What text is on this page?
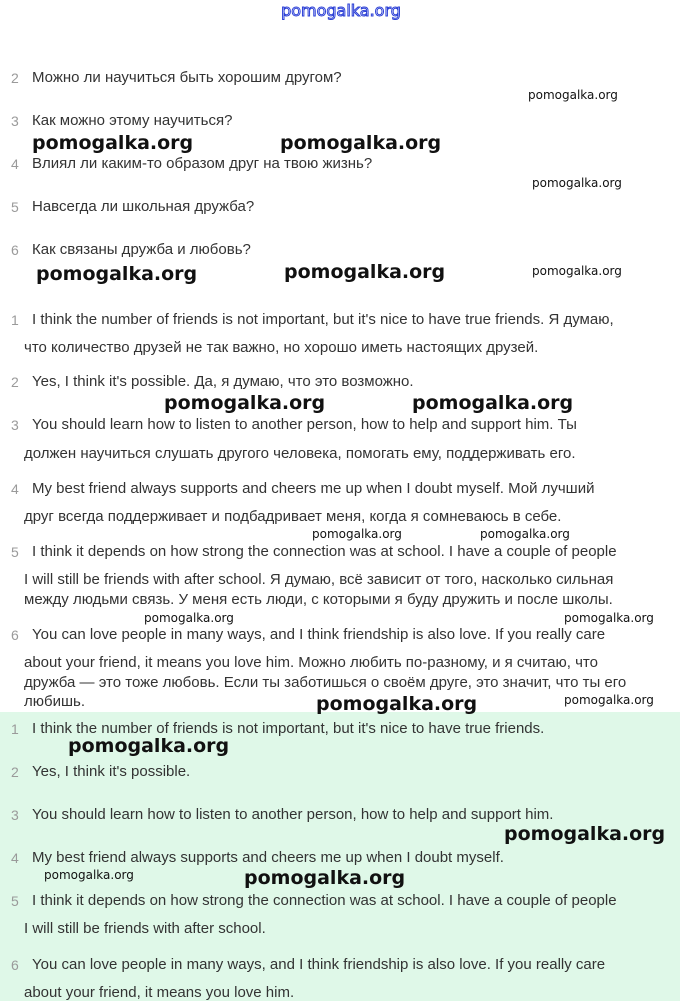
2 Можно ли научиться быть хорошим другом?
3 Как можно этому научиться?
4 Влиял ли каким-то образом друг на твою жизнь?
5 Навсегда ли школьная дружба?
6 Как связаны дружба и любовь?
1 I think the number of friends is not important, but it's nice to have true friends. Я думаю,
что количество друзей не так важно, но хорошо иметь настоящих друзей.
2 Yes, I think it's possible. Да, я думаю, что это возможно.
3 You should learn how to listen to another person, how to help and support him. Ты
должен научиться слушать другого человека, помогать ему, поддерживать его.
4 My best friend always supports and cheers me up when I doubt myself. Мой лучший
друг всегда поддерживает и подбадривает меня, когда я сомневаюсь в себе.
5 I think it depends on how strong the connection was at school. I have a couple of people
I will still be friends with after school. Я думаю, всё зависит от того, насколько сильная
между людьми связь. У меня есть люди, с которыми я буду дружить и после школы.
6 You can love people in many ways, and I think friendship is also love. If you really care
about your friend, it means you love him. Можно любить по-разному, и я считаю, что
дружба — это тоже любовь. Если ты заботишься о своём друге, это значит, что ты его
любишь.
1 I think the number of friends is not important, but it's nice to have true friends.
2 Yes, I think it's possible.
3 You should learn how to listen to another person, how to help and support him.
4 My best friend always supports and cheers me up when I doubt myself.
5 I think it depends on how strong the connection was at school. I have a couple of people
I will still be friends with after school.
6 You can love people in many ways, and I think friendship is also love. If you really care
about your friend, it means you love him.
pomogalka.org
pomogalka.org	pomogalka.org
pomogalka.org	pomogalka.org
pomogalka.org	pomogalka.org
pomogalka.org
pomogalka.org
pomogalka.org
pomogalka.org
pomogalka.org
pomogalka.org
pomogalka.org
pomogalka.org	pomogalka.org
pomogalka.org	pomogalka.org
pomogalka.org
pomogalka.org
